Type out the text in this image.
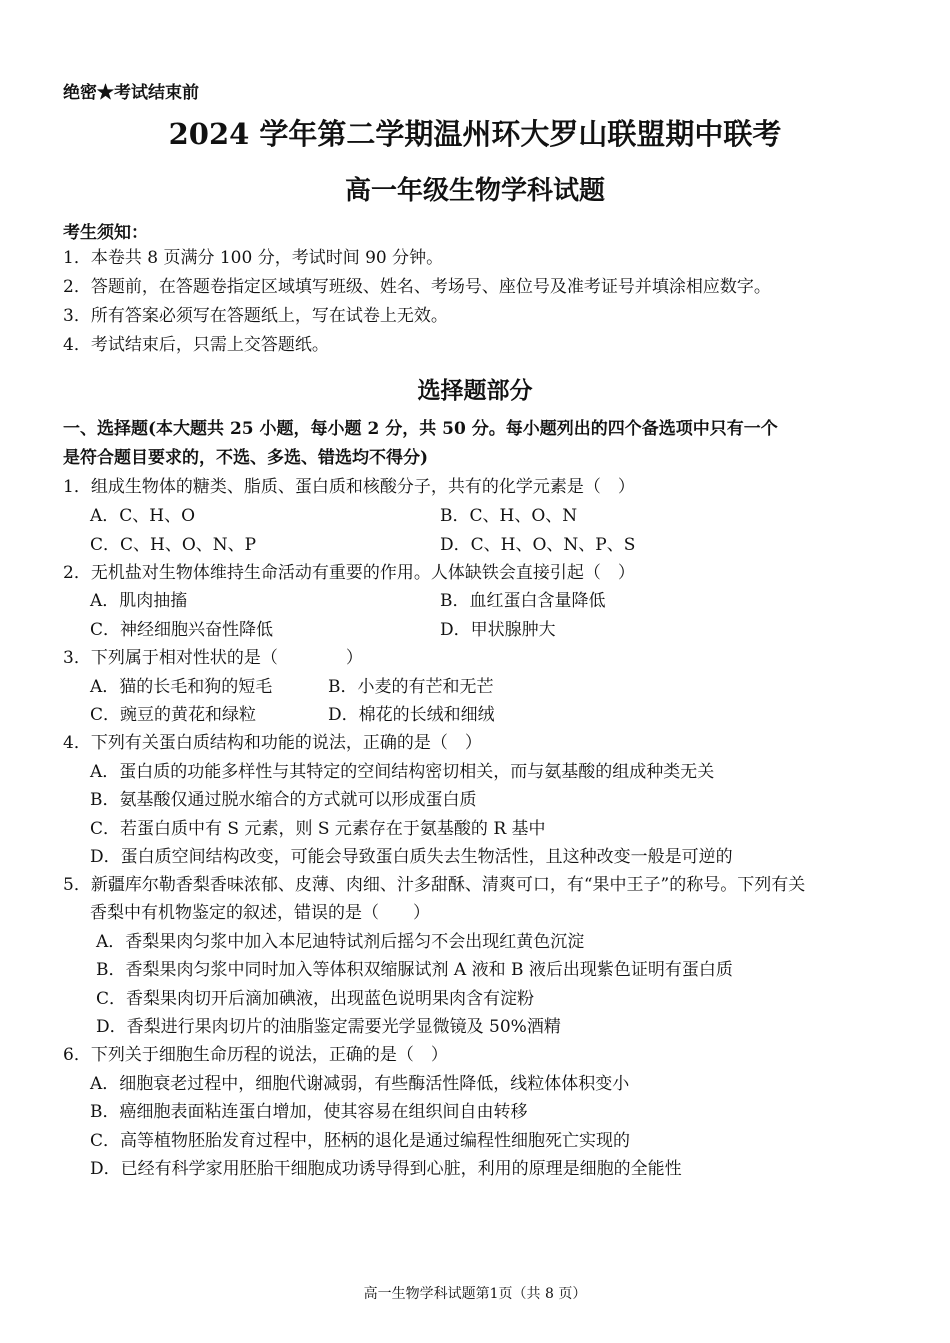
绝密★考试结束前
2024 学年第二学期温州环大罗山联盟期中联考
高一年级生物学科试题
考生须知：
1．本卷共 8 页满分 100 分，考试时间 90 分钟。
2．答题前，在答题卷指定区域填写班级、姓名、考场号、座位号及准考证号并填涂相应数字。
3．所有答案必须写在答题纸上，写在试卷上无效。
4．考试结束后，只需上交答题纸。
选择题部分
一、选择题(本大题共 25 小题，每小题 2 分，共 50 分。每小题列出的四个备选项中只有一个
是符合题目要求的，不选、多选、错选均不得分)
1．组成生物体的糖类、脂质、蛋白质和核酸分子，共有的化学元素是（　）
A．C、H、O	B．C、H、O、N
C．C、H、O、N、P	D．C、H、O、N、P、S
2．无机盐对生物体维持生命活动有重要的作用。人体缺铁会直接引起（　）
A．肌肉抽搐	B．血红蛋白含量降低
C．神经细胞兴奋性降低	D．甲状腺肿大
3．下列属于相对性状的是（　　　　）
A．猫的长毛和狗的短毛	B．小麦的有芒和无芒
C．豌豆的黄花和绿粒	D．棉花的长绒和细绒
4．下列有关蛋白质结构和功能的说法，正确的是（　）
A．蛋白质的功能多样性与其特定的空间结构密切相关，而与氨基酸的组成种类无关
B．氨基酸仅通过脱水缩合的方式就可以形成蛋白质
C．若蛋白质中有 S 元素，则 S 元素存在于氨基酸的 R 基中
D．蛋白质空间结构改变，可能会导致蛋白质失去生物活性，且这种改变一般是可逆的
5．新疆库尔勒香梨香味浓郁、皮薄、肉细、汁多甜酥、清爽可口，有“果中王子”的称号。下列有关
香梨中有机物鉴定的叙述，错误的是（　　）
A．香梨果肉匀浆中加入本尼迪特试剂后摇匀不会出现红黄色沉淀
B．香梨果肉匀浆中同时加入等体积双缩脲试剂 A 液和 B 液后出现紫色证明有蛋白质
C．香梨果肉切开后滴加碘液，出现蓝色说明果肉含有淀粉
D．香梨进行果肉切片的油脂鉴定需要光学显微镜及 50%酒精
6．下列关于细胞生命历程的说法，正确的是（　）
A．细胞衰老过程中，细胞代谢减弱，有些酶活性降低，线粒体体积变小
B．癌细胞表面粘连蛋白增加，使其容易在组织间自由转移
C．高等植物胚胎发育过程中，胚柄的退化是通过编程性细胞死亡实现的
D．已经有科学家用胚胎干细胞成功诱导得到心脏，利用的原理是细胞的全能性
高一生物学科试题第1页（共 8 页）
